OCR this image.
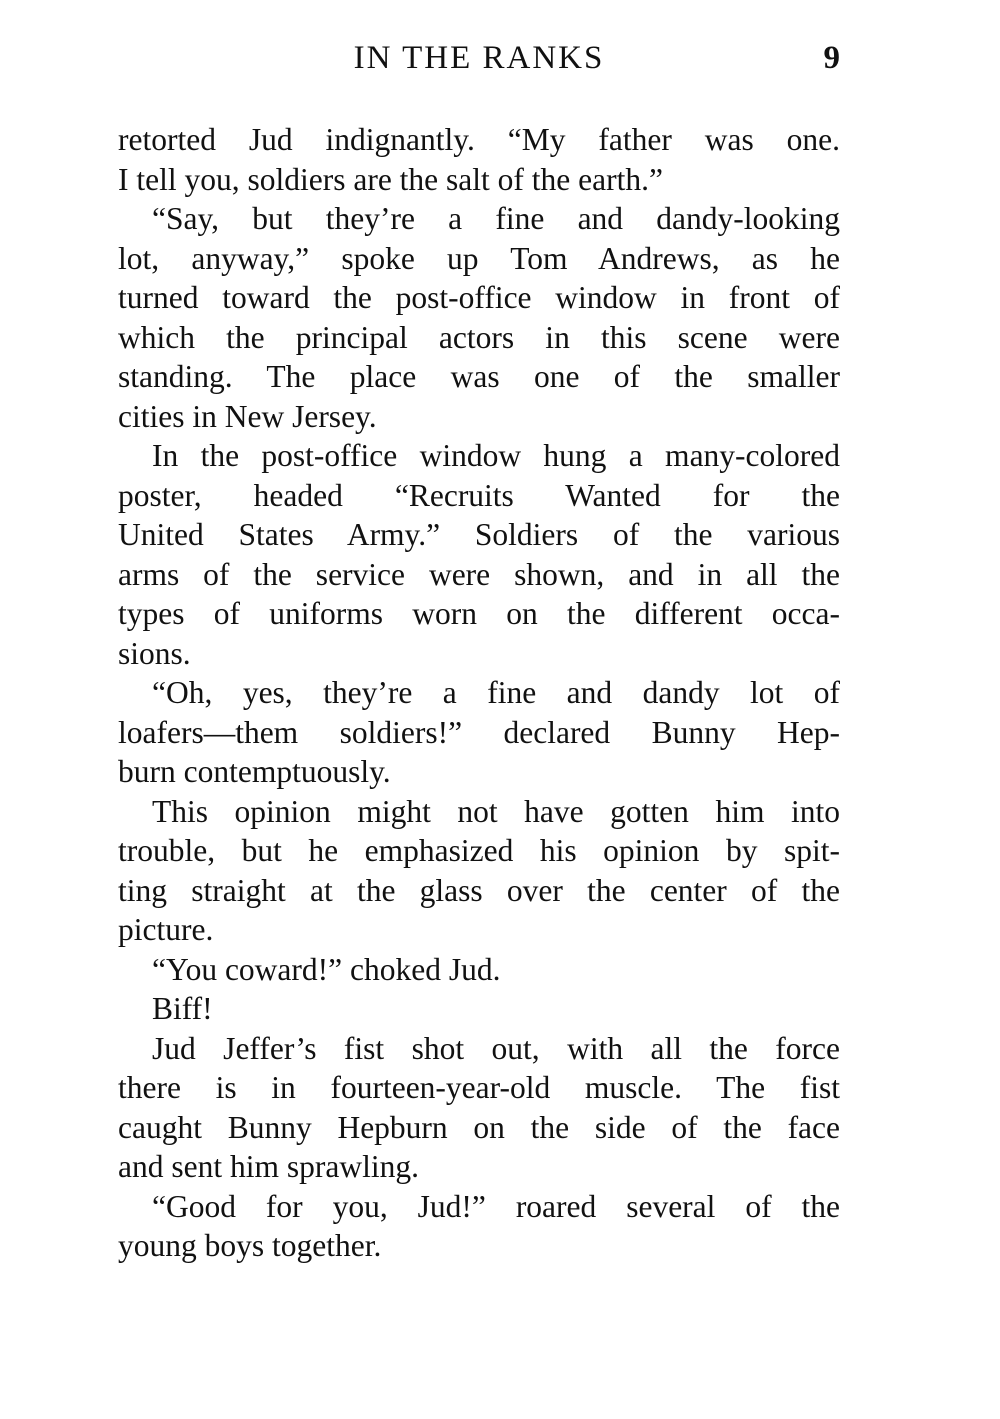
IN THE RANKS	9
retorted Jud indignantly. “My father was one.
I tell you, soldiers are the salt of the earth.”
“Say, but they’re a fine and dandy-looking
lot, anyway,” spoke up Tom Andrews, as he
turned toward the post-office window in front of
which the principal actors in this scene were
standing. The place was one of the smaller
cities in New Jersey.
In the post-office window hung a many-colored
poster, headed “Recruits Wanted for the
United States Army.” Soldiers of the various
arms of the service were shown, and in all the
types of uniforms worn on the different occa-
sions.
“Oh, yes, they’re a fine and dandy lot of
loafers—them soldiers!” declared Bunny Hep-
burn contemptuously.
This opinion might not have gotten him into
trouble, but he emphasized his opinion by spit-
ting straight at the glass over the center of the
picture.
“You coward!” choked Jud.
Biff!
Jud Jeffer’s fist shot out, with all the force
there is in fourteen-year-old muscle. The fist
caught Bunny Hepburn on the side of the face
and sent him sprawling.
“Good for you, Jud!” roared several of the
young boys together.
